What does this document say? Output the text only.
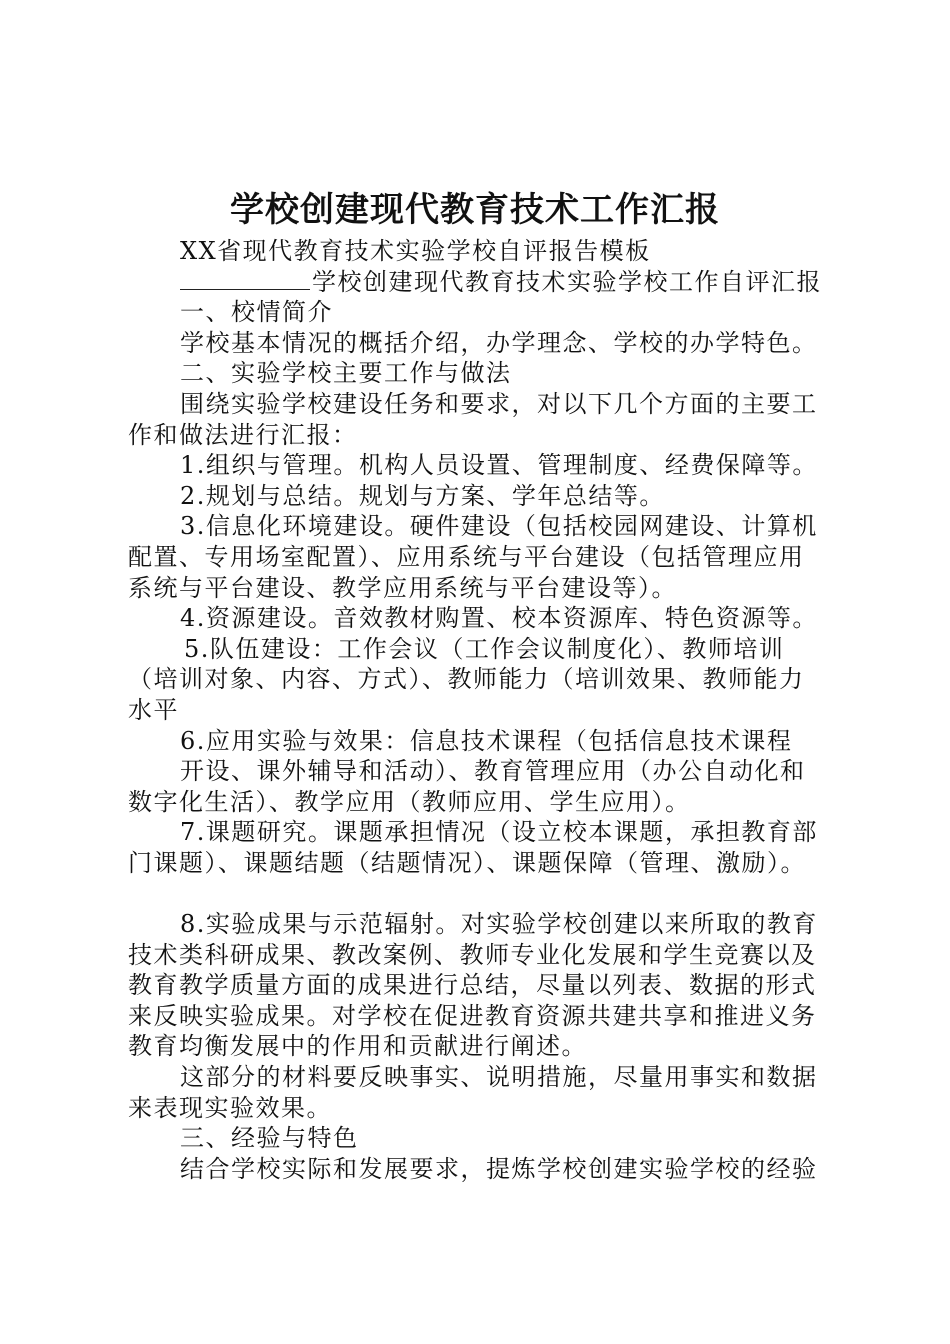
学校创建现代教育技术工作汇报

XX省现代教育技术实验学校自评报告模板

学校创建现代教育技术实验学校工作自评汇报

一、校情简介

学校基本情况的概括介绍，办学理念、学校的办学特色。

二、实验学校主要工作与做法

围绕实验学校建设任务和要求，对以下几个方面的主要工

作和做法进行汇报：

1.组织与管理。机构人员设置、管理制度、经费保障等。

2.规划与总结。规划与方案、学年总结等。

3.信息化环境建设。硬件建设（包括校园网建设、计算机

配置、专用场室配置）、应用系统与平台建设（包括管理应用

系统与平台建设、教学应用系统与平台建设等）。

4.资源建设。音效教材购置、校本资源库、特色资源等。

5.队伍建设：工作会议（工作会议制度化）、教师培训

（培训对象、内容、方式）、教师能力（培训效果、教师能力

水平

6.应用实验与效果：信息技术课程（包括信息技术课程

开设、课外辅导和活动）、教育管理应用（办公自动化和

数字化生活）、教学应用（教师应用、学生应用）。

7.课题研究。课题承担情况（设立校本课题，承担教育部

门课题）、课题结题（结题情况）、课题保障（管理、激励）。

8.实验成果与示范辐射。对实验学校创建以来所取的教育

技术类科研成果、教改案例、教师专业化发展和学生竞赛以及

教育教学质量方面的成果进行总结，尽量以列表、数据的形式

来反映实验成果。对学校在促进教育资源共建共享和推进义务

教育均衡发展中的作用和贡献进行阐述。

这部分的材料要反映事实、说明措施，尽量用事实和数据

来表现实验效果。

三、经验与特色

结合学校实际和发展要求，提炼学校创建实验学校的经验
